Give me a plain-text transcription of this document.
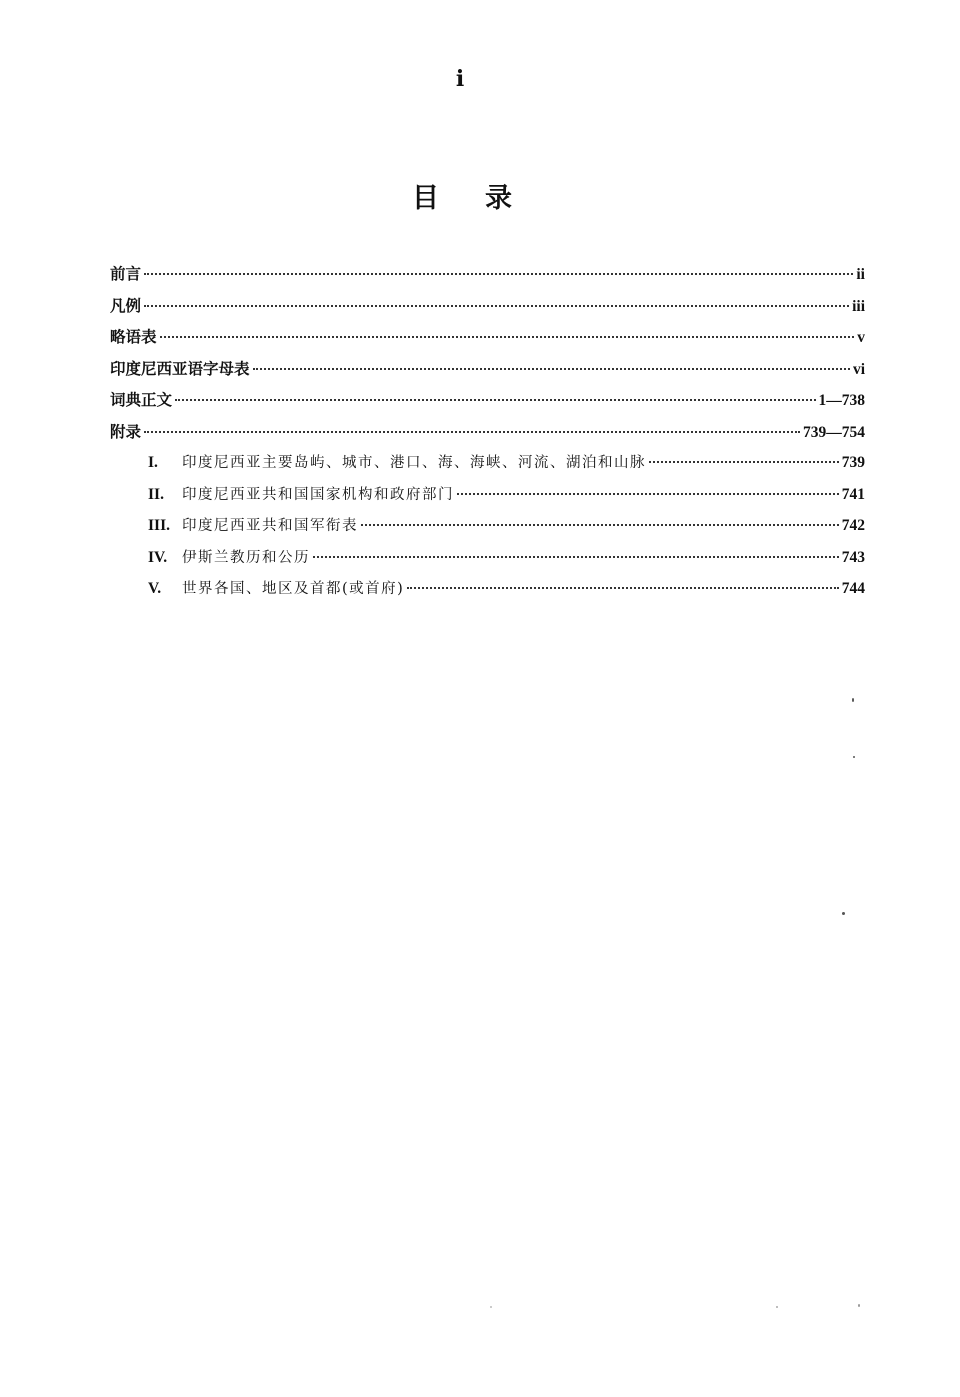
i
目 录
前言	ii
凡例	iii
略语表	v
印度尼西亚语字母表	vi
词典正文	1—738
附录	739—754
I.	印度尼西亚主要岛屿、城市、港口、海、海峡、河流、湖泊和山脉	739
II.	印度尼西亚共和国国家机构和政府部门	741
III. 印度尼西亚共和国军衔表	742
IV.	伊斯兰教历和公历	743
V.	世界各国、地区及首都(或首府)	744
